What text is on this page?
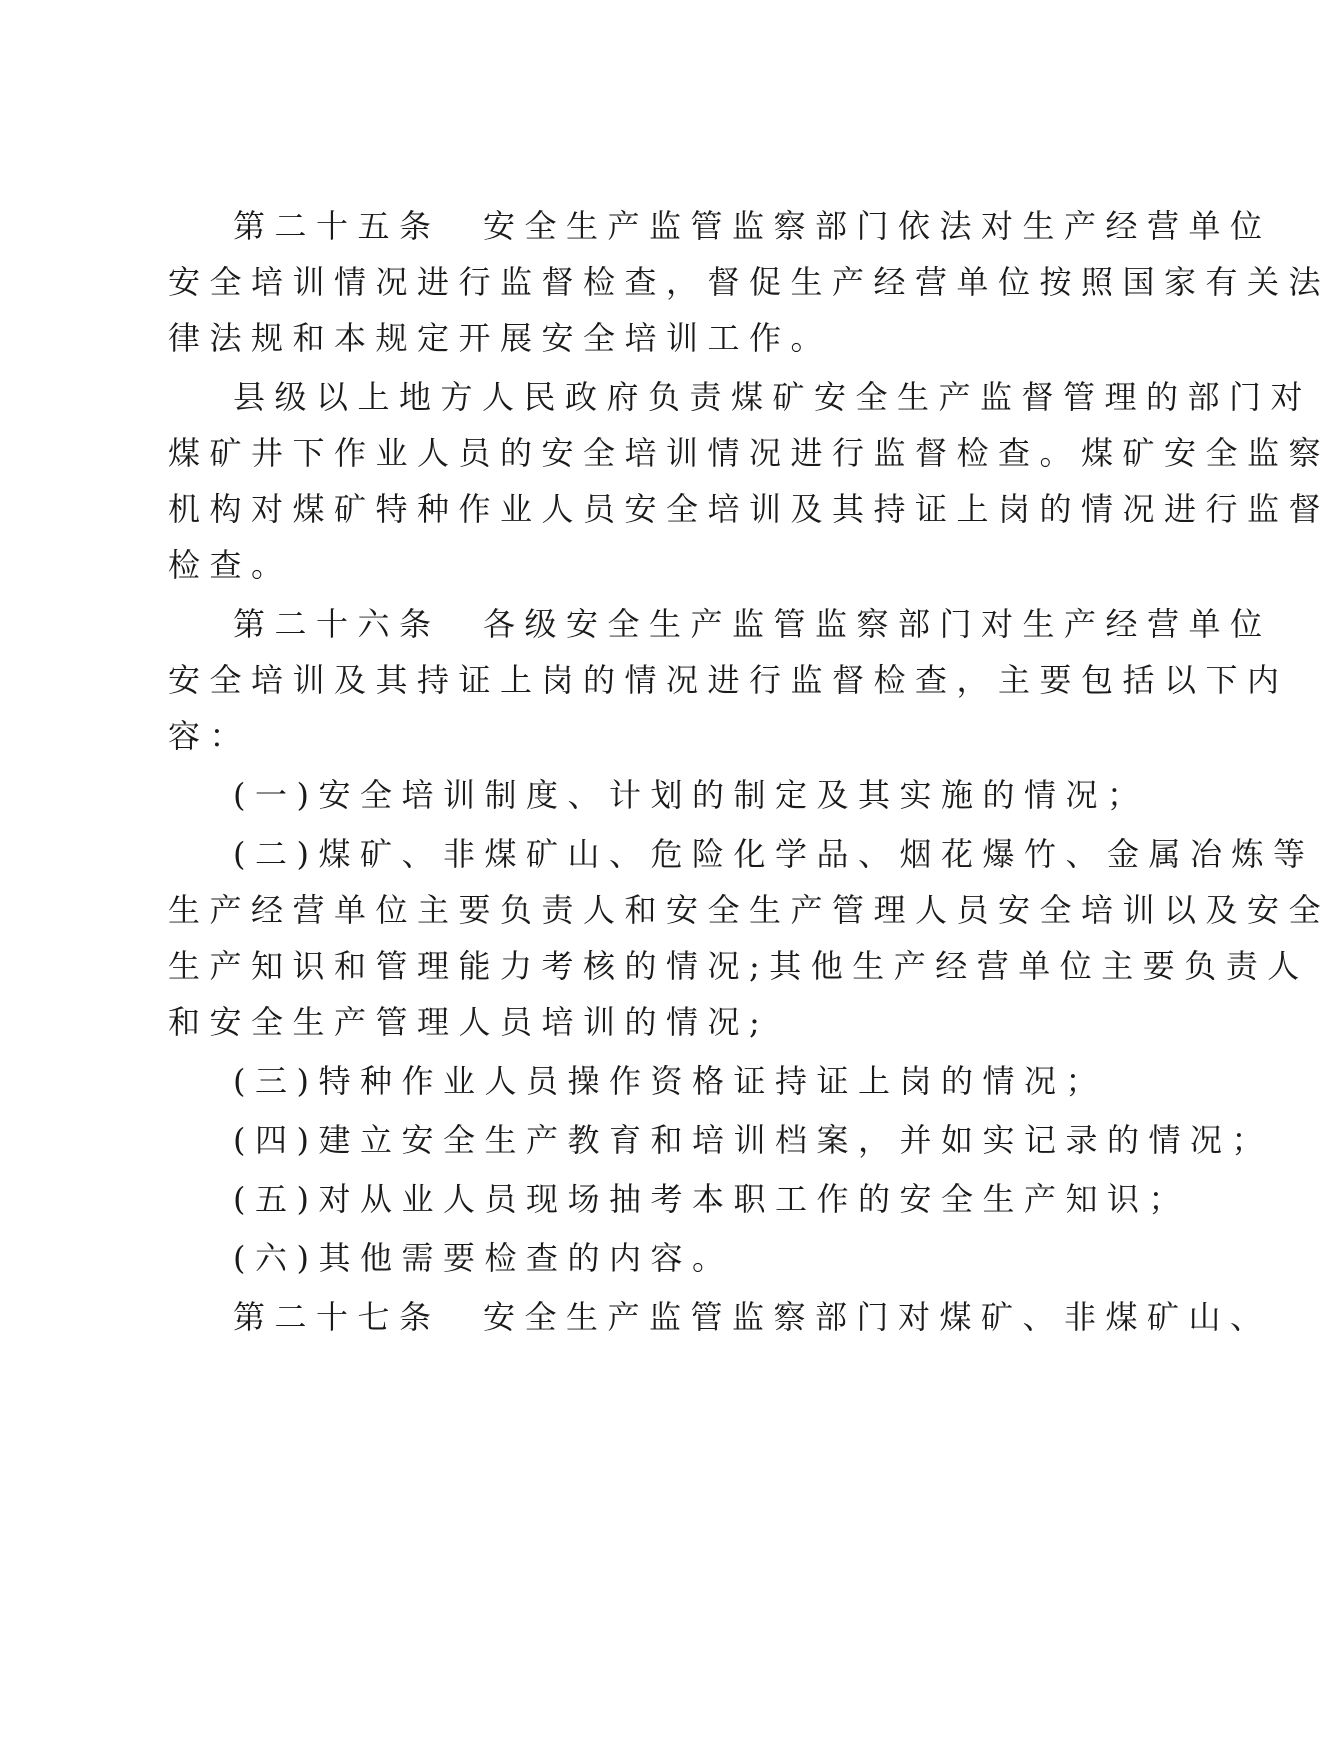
第二十五条 安全生产监管监察部门依法对生产经营单位
安全培训情况进行监督检查，督促生产经营单位按照国家有关法
律法规和本规定开展安全培训工作。
县级以上地方人民政府负责煤矿安全生产监督管理的部门对
煤矿井下作业人员的安全培训情况进行监督检查。煤矿安全监察
机构对煤矿特种作业人员安全培训及其持证上岗的情况进行监督
检查。
第二十六条 各级安全生产监管监察部门对生产经营单位
安全培训及其持证上岗的情况进行监督检查，主要包括以下内
容：
(一)安全培训制度、计划的制定及其实施的情况；
(二)煤矿、非煤矿山、危险化学品、烟花爆竹、金属冶炼等
生产经营单位主要负责人和安全生产管理人员安全培训以及安全
生产知识和管理能力考核的情况;其他生产经营单位主要负责人
和安全生产管理人员培训的情况;
(三)特种作业人员操作资格证持证上岗的情况；
(四)建立安全生产教育和培训档案，并如实记录的情况；
(五)对从业人员现场抽考本职工作的安全生产知识；
(六)其他需要检查的内容。
第二十七条 安全生产监管监察部门对煤矿、非煤矿山、
